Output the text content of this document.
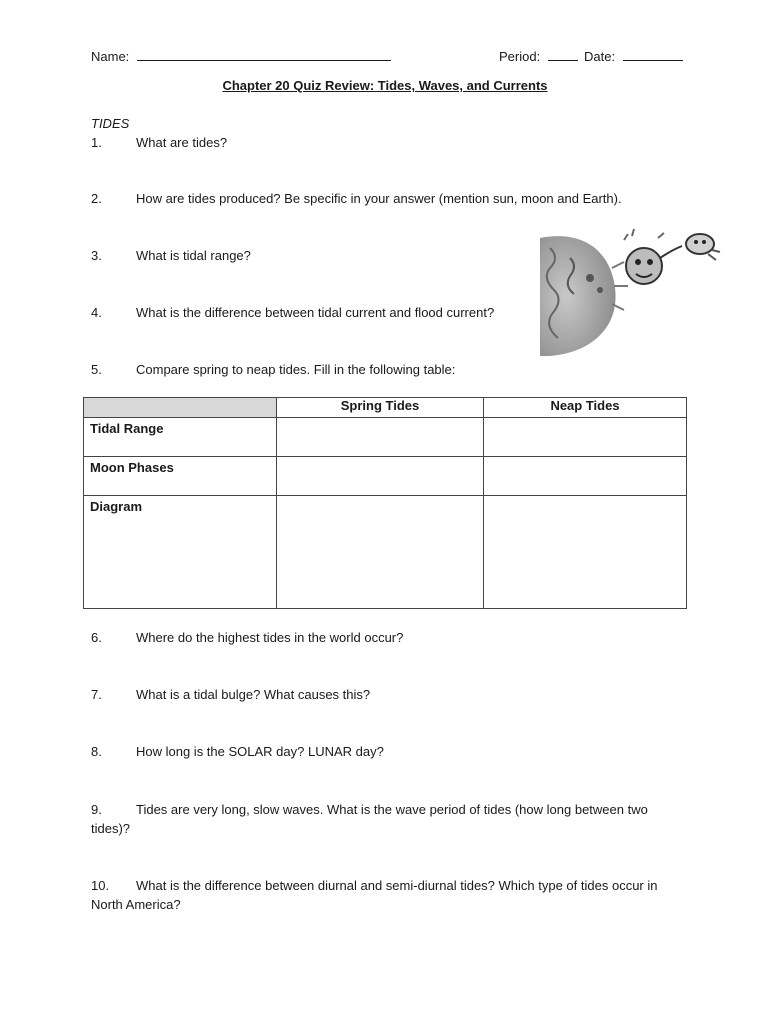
Name:	Period:	Date:
Chapter 20 Quiz Review: Tides, Waves, and Currents
TIDES
1.	What are tides?
2.	How are tides produced? Be specific in your answer (mention sun, moon and Earth).
3.	What is tidal range?
4.	What is the difference between tidal current and flood current?
5.	Compare spring to neap tides. Fill in the following table:
	Spring Tides	Neap Tides
Tidal Range		
Moon Phases		
Diagram		
6.	Where do the highest tides in the world occur?
7.	What is a tidal bulge? What causes this?
8.	How long is the SOLAR day? LUNAR day?
9.	Tides are very long, slow waves. What is the wave period of tides (how long between two tides)?
10. What is the difference between diurnal and semi-diurnal tides? Which type of tides occur in North America?
